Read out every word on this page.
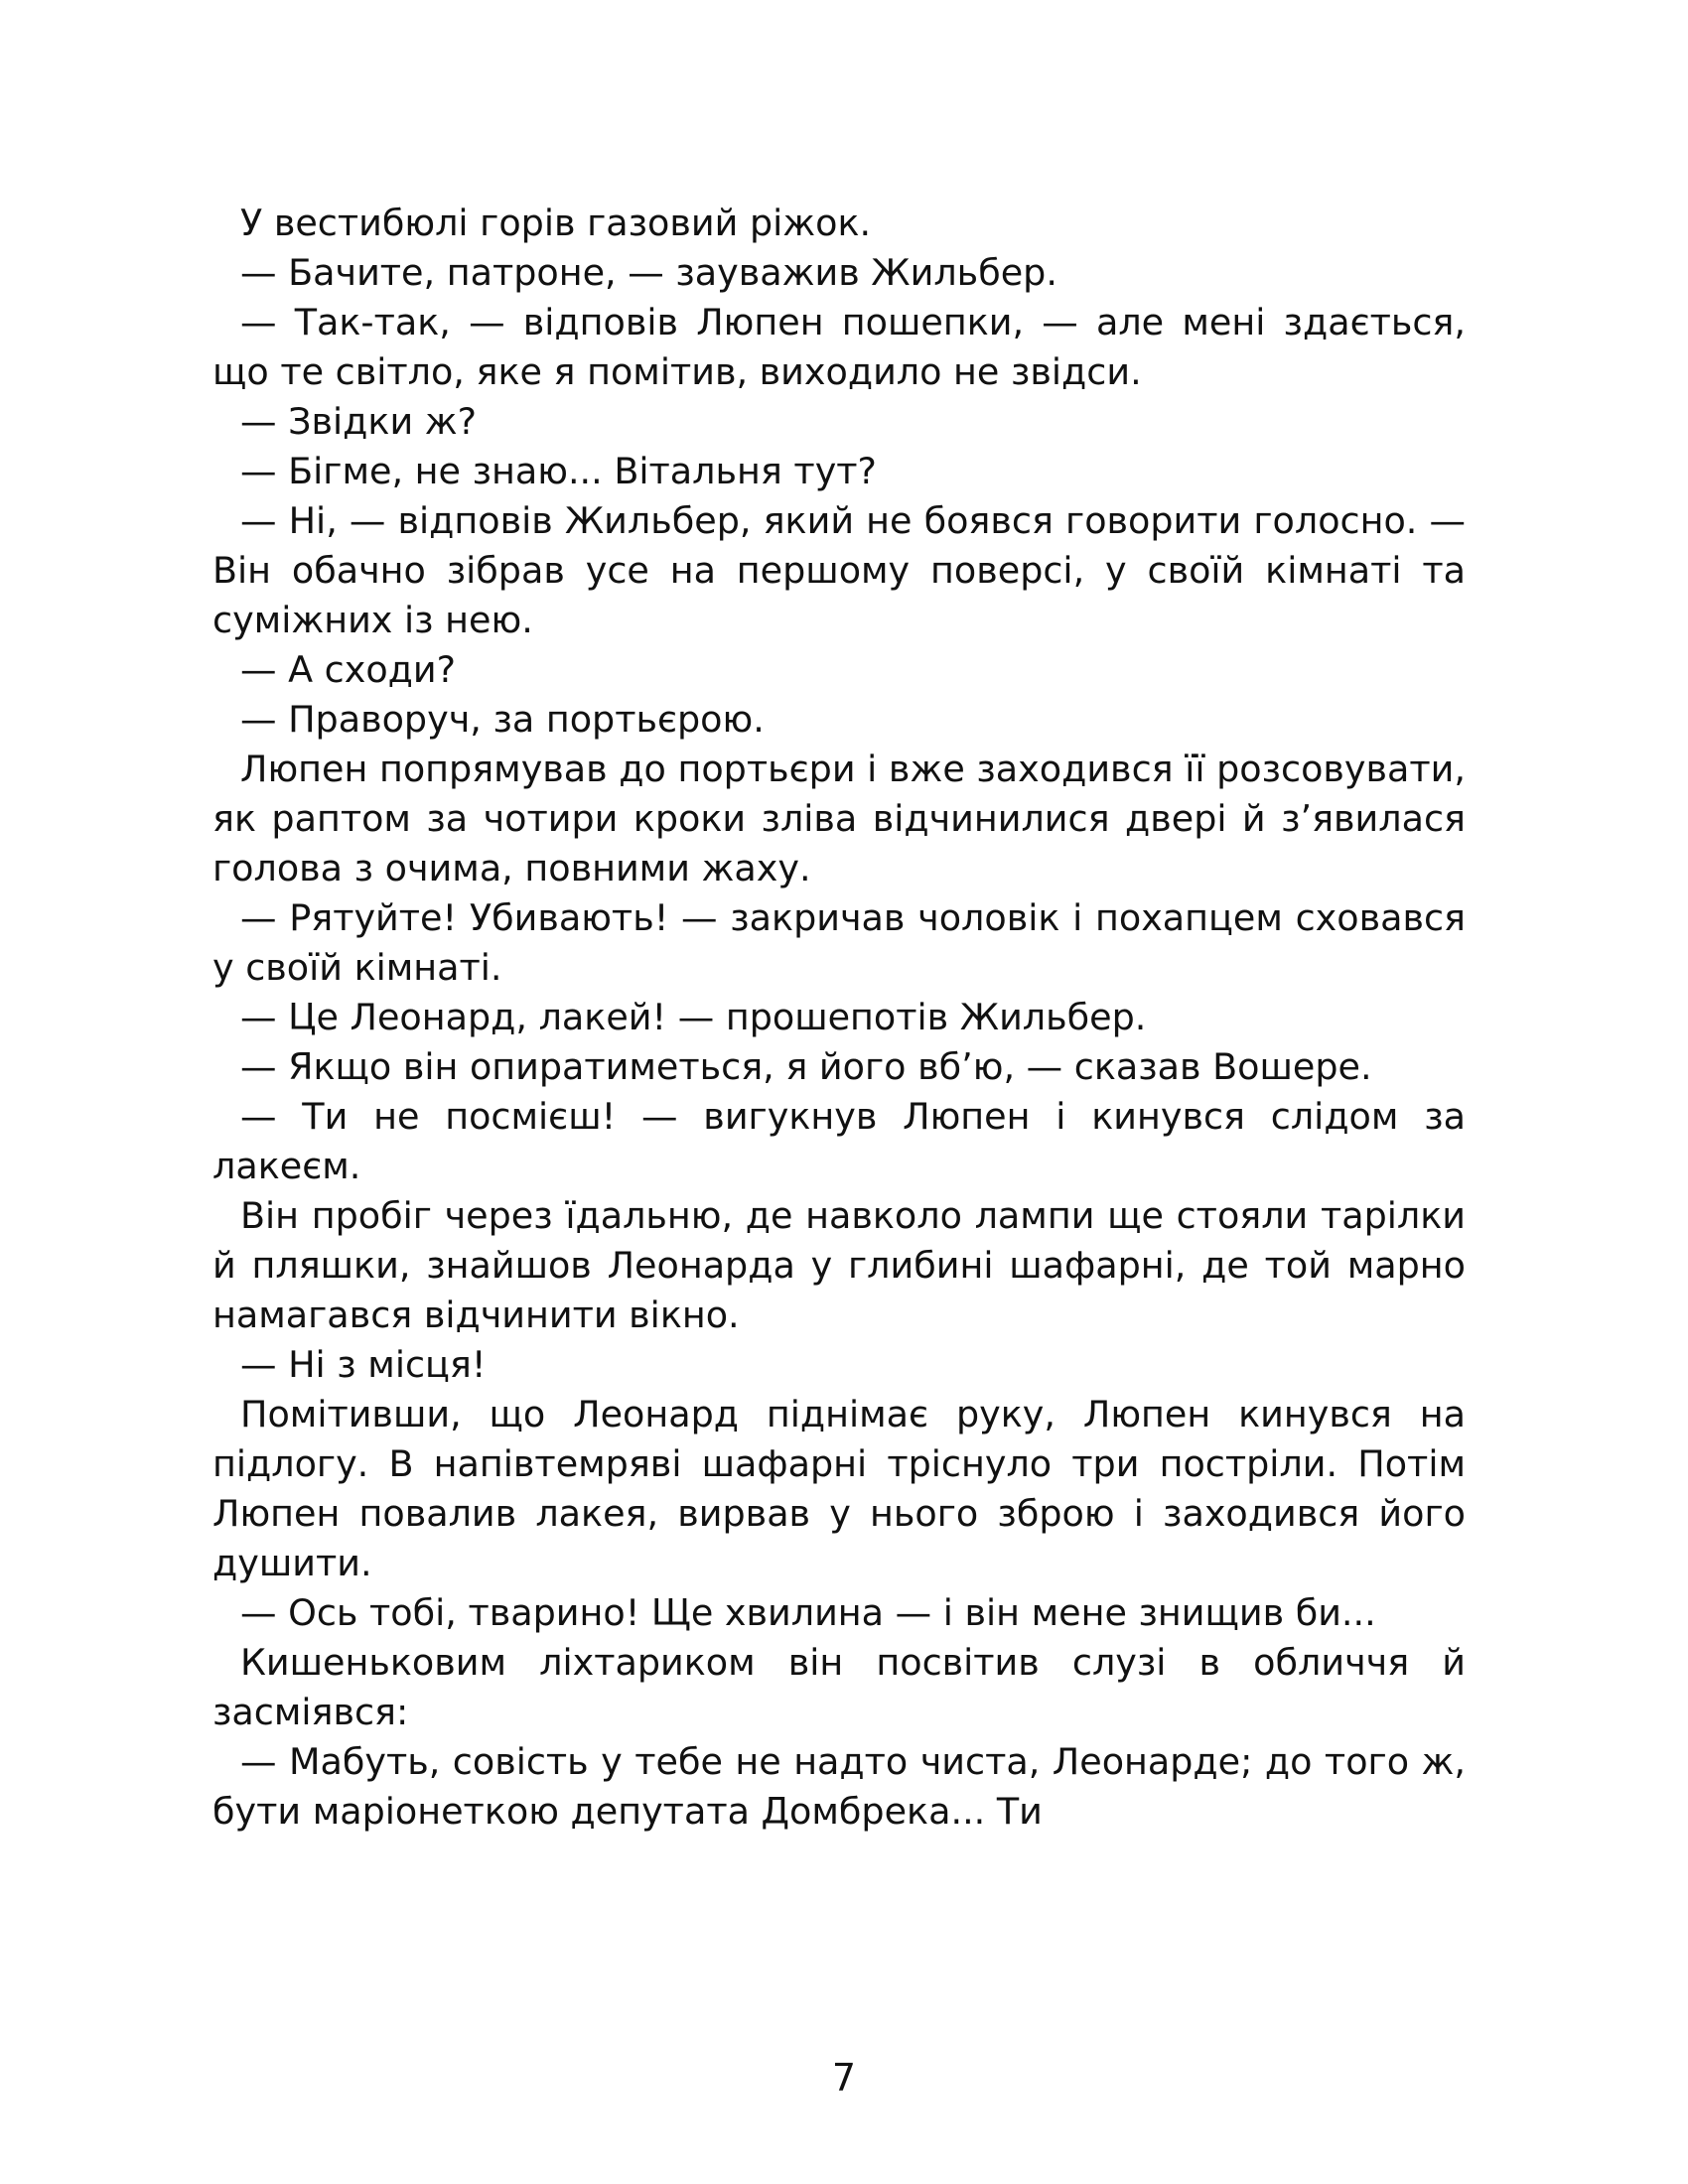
У вестибюлі горів газовий ріжок.

— Бачите, патроне, — зауважив Жильбер.

— Так-так, — відповів Люпен пошепки, — але мені здається, що те світло, яке я помітив, виходило не звідси.

— Звідки ж?

— Бігме, не знаю... Вітальня тут?

— Ні, — відповів Жильбер, який не боявся говорити голосно. — Він обачно зібрав усе на першому поверсі, у своїй кімнаті та суміжних із нею.

— А сходи?

— Праворуч, за портьєрою.

Люпен попрямував до портьєри і вже заходився її розсовувати, як раптом за чотири кроки зліва відчинилися двері й з’явилася голова з очима, повними жаху.

— Рятуйте! Убивають! — закричав чоловік і похапцем сховався у своїй кімнаті.

— Це Леонард, лакей! — прошепотів Жильбер.

— Якщо він опиратиметься, я його вб’ю, — сказав Вошере.

— Ти не посмієш! — вигукнув Люпен і кинувся слідом за лакеєм.

Він пробіг через їдальню, де навколо лампи ще стояли тарілки й пляшки, знайшов Леонарда у глибині шафарні, де той марно намагався відчинити вікно.

— Ні з місця!

Помітивши, що Леонард піднімає руку, Люпен кинувся на підлогу. В напівтемряві шафарні тріснуло три постріли. Потім Люпен повалив лакея, вирвав у нього зброю і заходився його душити.

— Ось тобі, тварино! Ще хвилина — і він мене знищив би...

Кишеньковим ліхтариком він посвітив слузі в обличчя й засміявся:

— Мабуть, совість у тебе не надто чиста, Леонарде; до того ж, бути маріонеткою депутата Домбрека... Ти

7
